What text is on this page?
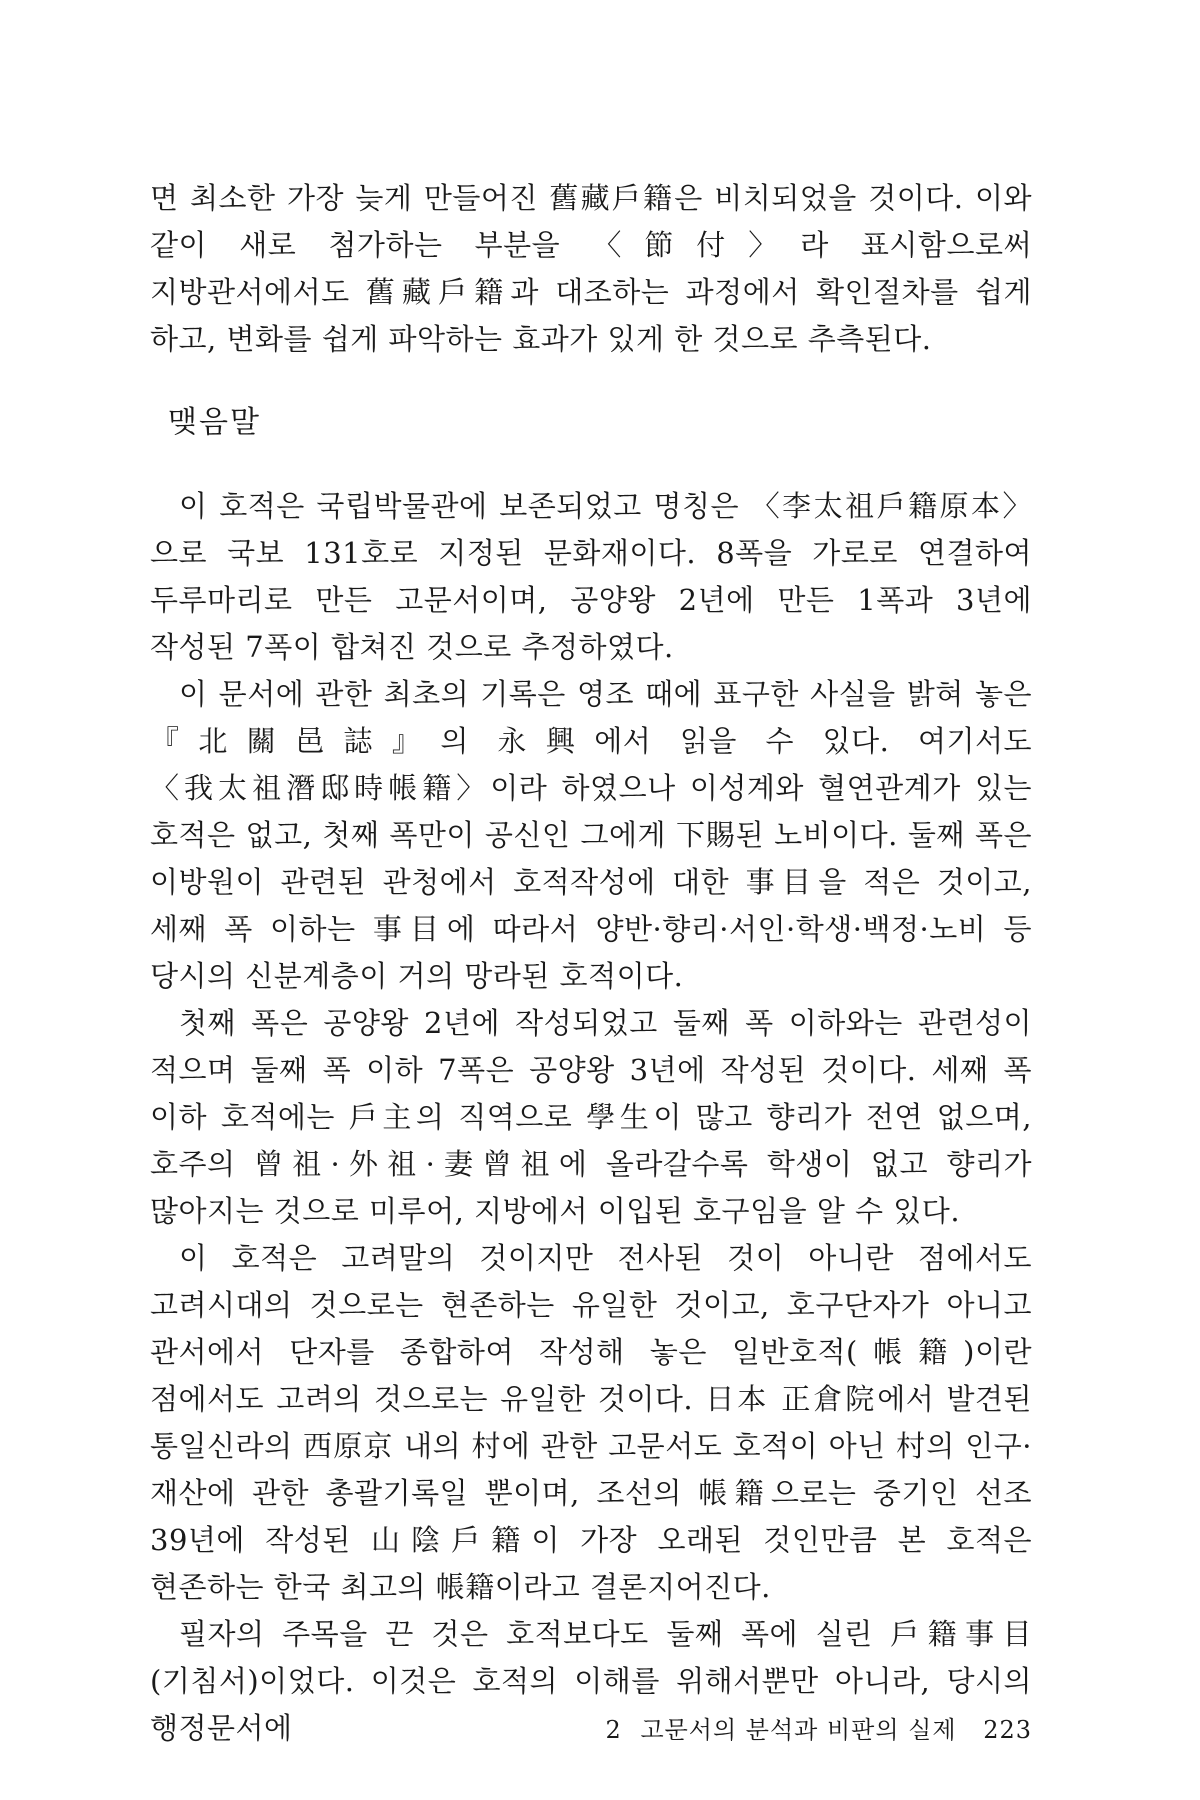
면 최소한 가장 늦게 만들어진 舊藏戶籍은 비치되었을 것이다. 이와 같이 새로 첨가하는 부분을 〈節付〉라 표시함으로써 지방관서에서도 舊藏戶籍과 대조하는 과정에서 확인절차를 쉽게 하고, 변화를 쉽게 파악하는 효과가 있게 한 것으로 추측된다.

맺음말

이 호적은 국립박물관에 보존되었고 명칭은 〈李太祖戶籍原本〉으로 국보 131호로 지정된 문화재이다. 8폭을 가로로 연결하여 두루마리로 만든 고문서이며, 공양왕 2년에 만든 1폭과 3년에 작성된 7폭이 합쳐진 것으로 추정하였다.

이 문서에 관한 최초의 기록은 영조 때에 표구한 사실을 밝혀 놓은 『北關邑誌』의 永興에서 읽을 수 있다. 여기서도 〈我太祖潛邸時帳籍〉이라 하였으나 이성계와 혈연관계가 있는 호적은 없고, 첫째 폭만이 공신인 그에게 下賜된 노비이다. 둘째 폭은 이방원이 관련된 관청에서 호적작성에 대한 事目을 적은 것이고, 세째 폭 이하는 事目에 따라서 양반·향리·서인·학생·백정·노비 등 당시의 신분계층이 거의 망라된 호적이다.

첫째 폭은 공양왕 2년에 작성되었고 둘째 폭 이하와는 관련성이 적으며 둘째 폭 이하 7폭은 공양왕 3년에 작성된 것이다. 세째 폭 이하 호적에는 戶主의 직역으로 學生이 많고 향리가 전연 없으며, 호주의 曾祖·外祖·妻曾祖에 올라갈수록 학생이 없고 향리가 많아지는 것으로 미루어, 지방에서 이입된 호구임을 알 수 있다.

이 호적은 고려말의 것이지만 전사된 것이 아니란 점에서도 고려시대의 것으로는 현존하는 유일한 것이고, 호구단자가 아니고 관서에서 단자를 종합하여 작성해 놓은 일반호적(帳籍)이란 점에서도 고려의 것으로는 유일한 것이다. 日本 正倉院에서 발견된 통일신라의 西原京 내의 村에 관한 고문서도 호적이 아닌 村의 인구·재산에 관한 총괄기록일 뿐이며, 조선의 帳籍으로는 중기인 선조 39년에 작성된 山陰戶籍이 가장 오래된 것인만큼 본 호적은 현존하는 한국 최고의 帳籍이라고 결론지어진다.

필자의 주목을 끈 것은 호적보다도 둘째 폭에 실린 戶籍事目(기침서)이었다. 이것은 호적의 이해를 위해서뿐만 아니라, 당시의 행정문서에	2 고문서의 분석과 비판의 실제 223
